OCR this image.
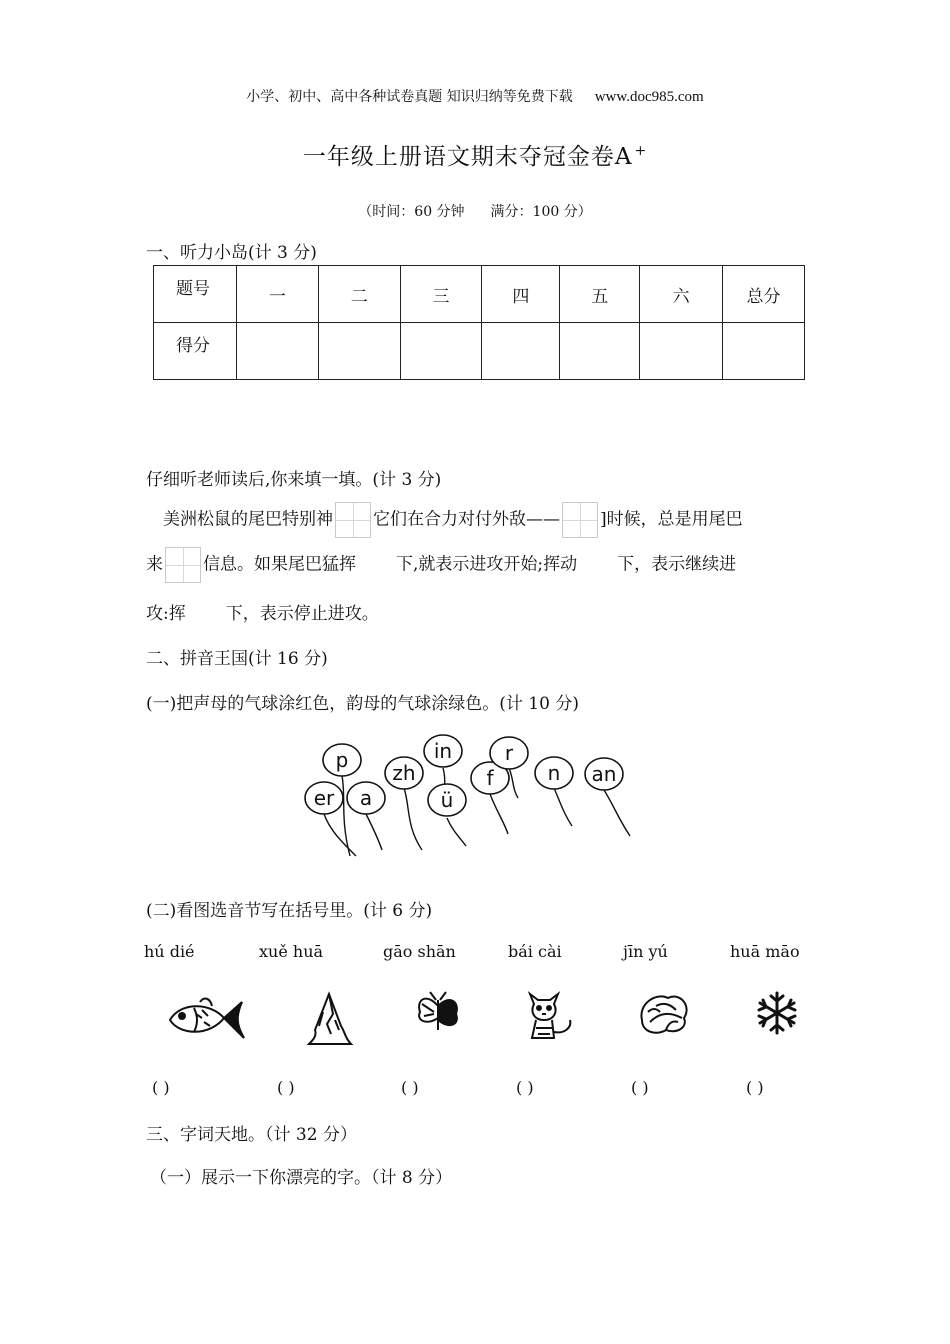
小学、初中、高中各种试卷真题 知识归纳等免费下载 www.doc985.com
一年级上册语文期末夺冠金卷A +
（时间：60 分钟 满分：100 分）
一、听力小岛(计 3 分)
题号	一	二	三	四	五	六	总分
得分							
仔细听老师读后,你来填一填。(计 3 分)
美洲松鼠的尾巴特别神 它们在合力对付外敌—— ]时候，总是用尾巴
来 信息。如果尾巴猛挥 下,就表示进攻开始;挥动 下，表示继续进
攻:挥 下，表示停止进攻。
二、拼音王国(计 16 分)
(一)把声母的气球涂红色，韵母的气球涂绿色。(计 10 分)
p
er a
zh
in
ü
f
r
n an
(二)看图选音节写在括号里。(计 6 分)
hú dié	xuě huā	gāo shān	bái cài	jīn yú	huā māo
( )	( )	( )	( )	( )	( )
三、字词天地。（计 32 分）
（一）展示一下你漂亮的字。（计 8 分）
